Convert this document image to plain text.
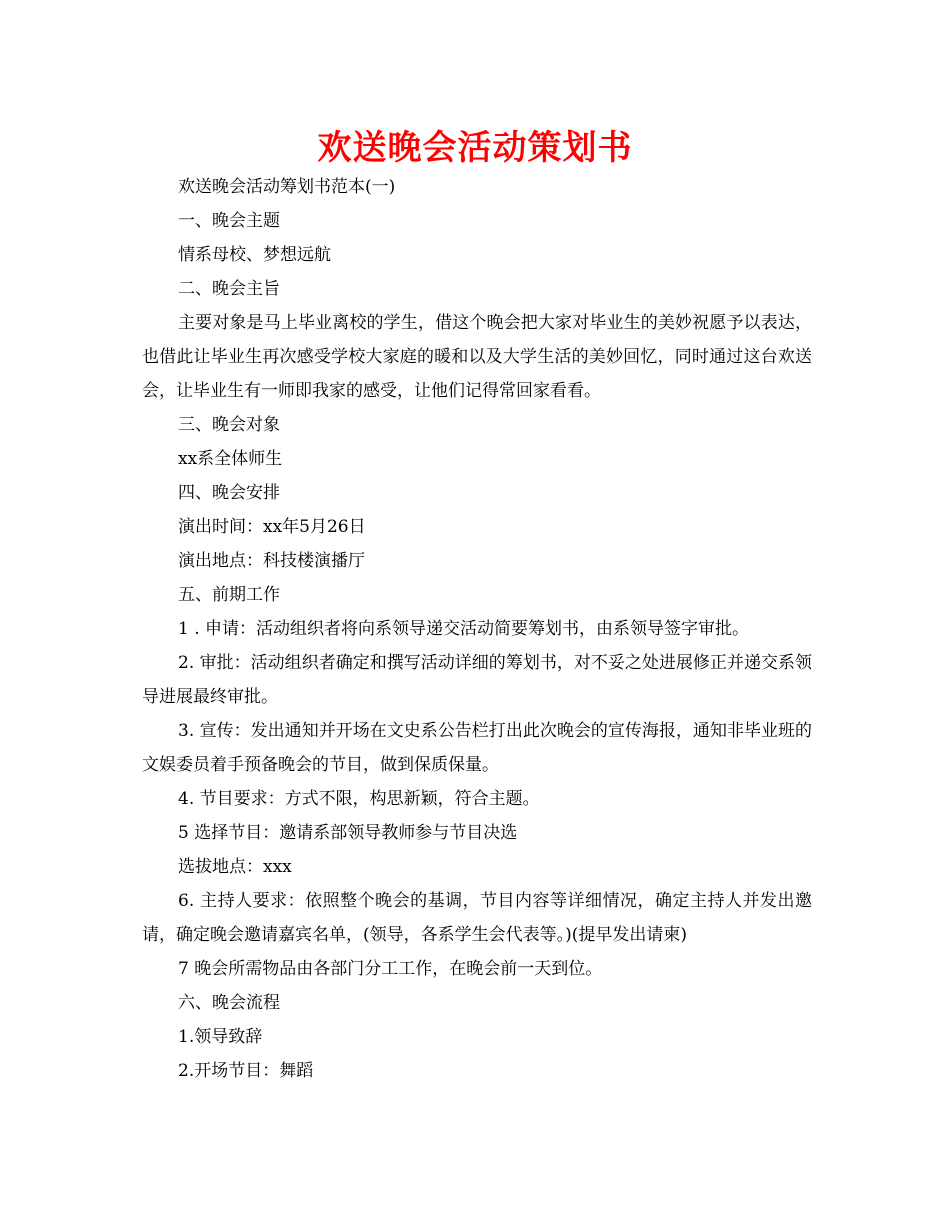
欢送晚会活动策划书

欢送晚会活动筹划书范本(一)

一、晚会主题

情系母校、梦想远航

二、晚会主旨

主要对象是马上毕业离校的学生，借这个晚会把大家对毕业生的美妙祝愿予以表达，也借此让毕业生再次感受学校大家庭的暖和以及大学生活的美妙回忆，同时通过这台欢送会，让毕业生有一师即我家的感受，让他们记得常回家看看。

三、晚会对象

xx系全体师生

四、晚会安排

演出时间：xx年5月26日

演出地点：科技楼演播厅

五、前期工作

1 . 申请：活动组织者将向系领导递交活动简要筹划书，由系领导签字审批。

2. 审批：活动组织者确定和撰写活动详细的筹划书，对不妥之处进展修正并递交系领导进展最终审批。

3. 宣传：发出通知并开场在文史系公告栏打出此次晚会的宣传海报，通知非毕业班的文娱委员着手预备晚会的节目，做到保质保量。

4. 节目要求：方式不限，构思新颖，符合主题。

5 选择节目：邀请系部领导教师参与节目决选

选拔地点：xxx

6. 主持人要求：依照整个晚会的基调，节目内容等详细情况，确定主持人并发出邀请，确定晚会邀请嘉宾名单，(领导，各系学生会代表等。)(提早发出请柬)

7 晚会所需物品由各部门分工工作，在晚会前一天到位。

六、晚会流程

1.领导致辞

2.开场节目：舞蹈
